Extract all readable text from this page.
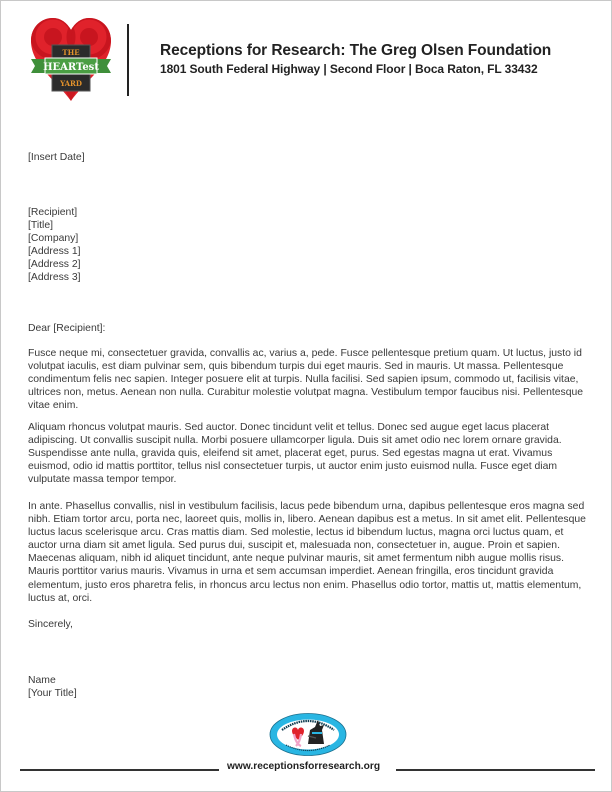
THE
HEARTest
YARD
Receptions for Research: The Greg Olsen Foundation
1801 South Federal Highway | Second Floor | Boca Raton, FL 33432
[Insert Date]
[Recipient]
[Title]
[Company]
[Address 1]
[Address 2]
[Address 3]
Dear [Recipient]:
Fusce neque mi, consectetuer gravida, convallis ac, varius a, pede. Fusce pellentesque pretium quam. Ut luctus, justo id volutpat iaculis, est diam pulvinar sem, quis bibendum turpis dui eget mauris. Sed in mauris. Ut massa. Pellentesque condimentum felis nec sapien. Integer posuere elit at turpis. Nulla facilisi. Sed sapien ipsum, commodo ut, facilisis vitae, ultrices non, metus. Aenean non nulla. Curabitur molestie volutpat magna. Vestibulum tempor faucibus nisi. Pellentesque vitae enim.
Aliquam rhoncus volutpat mauris. Sed auctor. Donec tincidunt velit et tellus. Donec sed augue eget lacus placerat adipiscing. Ut convallis suscipit nulla. Morbi posuere ullamcorper ligula. Duis sit amet odio nec lorem ornare gravida. Suspendisse ante nulla, gravida quis, eleifend sit amet, placerat eget, purus. Sed egestas magna ut erat. Vivamus euismod, odio id mattis porttitor, tellus nisl consectetuer turpis, ut auctor enim justo euismod nulla. Fusce eget diam vulputate massa tempor tempor.
In ante. Phasellus convallis, nisl in vestibulum facilisis, lacus pede bibendum urna, dapibus pellentesque eros magna sed nibh. Etiam tortor arcu, porta nec, laoreet quis, mollis in, libero. Aenean dapibus est a metus. In sit amet elit. Pellentesque luctus lacus scelerisque arcu. Cras mattis diam. Sed molestie, lectus id bibendum luctus, magna orci luctus quam, et auctor urna diam sit amet ligula. Sed purus dui, suscipit et, malesuada non, consectetuer in, augue. Proin et sapien. Maecenas aliquam, nibh id aliquet tincidunt, ante neque pulvinar mauris, sit amet fermentum nibh augue mollis risus. Mauris porttitor varius mauris. Vivamus in urna et sem accumsan imperdiet. Aenean fringilla, eros tincidunt gravida elementum, justo eros pharetra felis, in rhoncus arcu lectus non enim. Phasellus odio tortor, mattis ut, mattis elementum, luctus at, orci.
Sincerely,
Name
[Your Title]
www.receptionsforresearch.org
